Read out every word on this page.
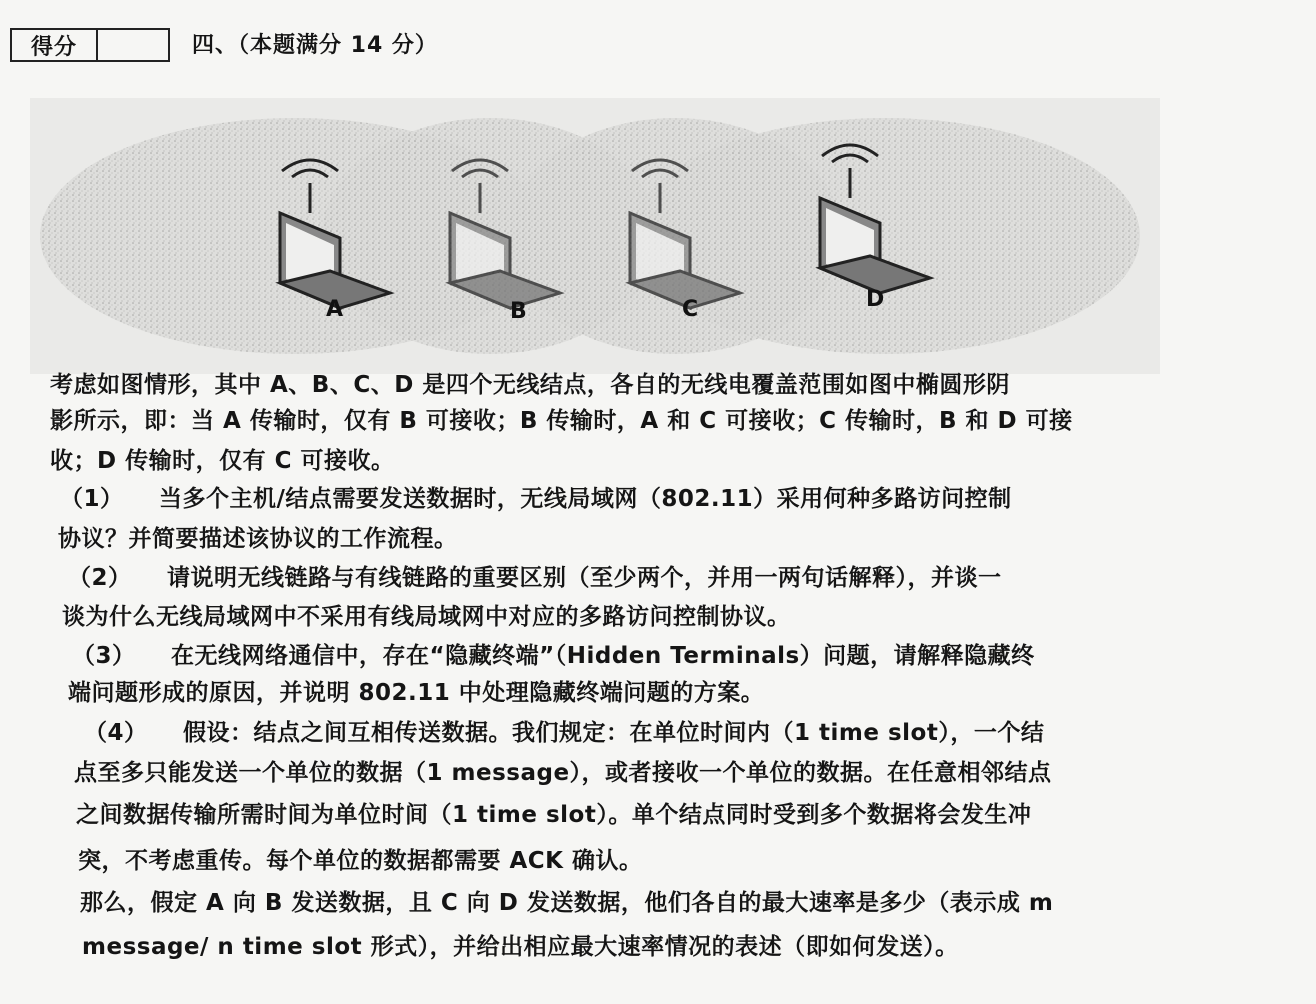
得分	四、（本题满分 14 分）
A	B	C	D
考虑如图情形，其中 A、B、C、D 是四个无线结点，各自的无线电覆盖范围如图中椭圆形阴
影所示，即：当 A 传输时，仅有 B 可接收；B 传输时，A 和 C 可接收；C 传输时，B 和 D 可接
收；D 传输时，仅有 C 可接收。
（1）　　当多个主机/结点需要发送数据时，无线局域网（802.11）采用何种多路访问控制
协议？并简要描述该协议的工作流程。
（2）　　请说明无线链路与有线链路的重要区别（至少两个，并用一两句话解释），并谈一
谈为什么无线局域网中不采用有线局域网中对应的多路访问控制协议。
（3）　　在无线网络通信中，存在“隐藏终端”（Hidden Terminals）问题，请解释隐藏终
端问题形成的原因，并说明 802.11 中处理隐藏终端问题的方案。
（4）　　假设：结点之间互相传送数据。我们规定：在单位时间内（1 time slot），一个结
点至多只能发送一个单位的数据（1 message），或者接收一个单位的数据。在任意相邻结点
之间数据传输所需时间为单位时间（1 time slot）。单个结点同时受到多个数据将会发生冲
突，不考虑重传。每个单位的数据都需要 ACK 确认。
那么，假定 A 向 B 发送数据，且 C 向 D 发送数据，他们各自的最大速率是多少（表示成 m
message/ n time slot 形式），并给出相应最大速率情况的表述（即如何发送）。
